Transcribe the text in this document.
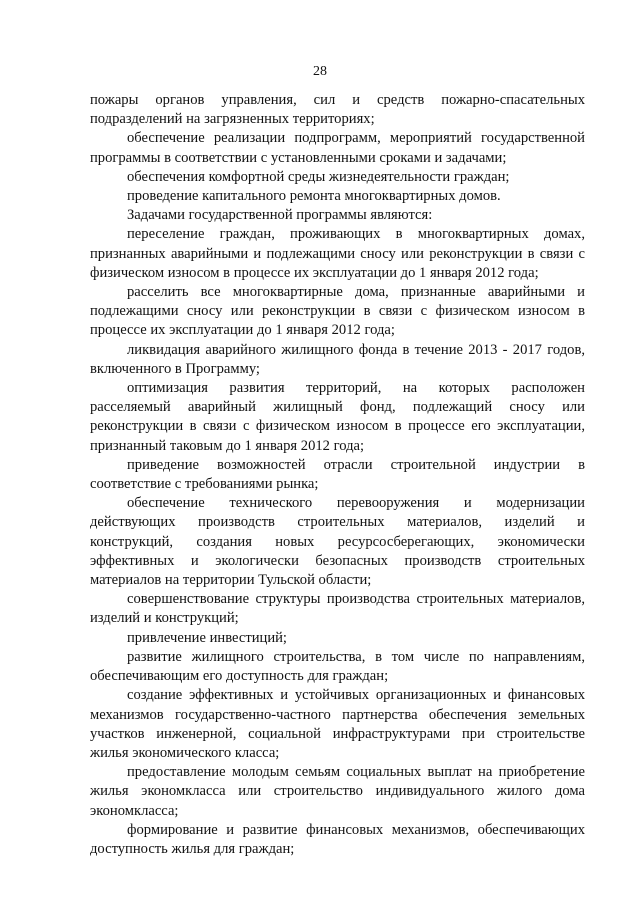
28
пожары органов управления, сил и средств пожарно-спасательных
подразделений на загрязненных территориях;
обеспечение реализации подпрограмм, мероприятий государственной
программы в соответствии с установленными сроками и задачами;
обеспечения комфортной среды жизнедеятельности граждан;
проведение капитального ремонта многоквартирных домов.
Задачами государственной программы являются:
переселение граждан, проживающих в многоквартирных домах,
признанных аварийными и подлежащими сносу или реконструкции в связи с
физическом износом в процессе их эксплуатации до 1 января 2012 года;
расселить все многоквартирные дома, признанные аварийными и
подлежащими сносу или реконструкции в связи с физическом износом в
процессе их эксплуатации до 1 января 2012 года;
ликвидация аварийного жилищного фонда в течение 2013 - 2017 годов,
включенного в Программу;
оптимизация развития территорий, на которых расположен
расселяемый аварийный жилищный фонд, подлежащий сносу или
реконструкции в связи с физическом износом в процессе его эксплуатации,
признанный таковым до 1 января 2012 года;
приведение возможностей отрасли строительной индустрии в
соответствие с требованиями рынка;
обеспечение технического перевооружения и модернизации
действующих производств строительных материалов, изделий и
конструкций, создания новых ресурсосберегающих, экономически
эффективных и экологически безопасных производств строительных
материалов на территории Тульской области;
совершенствование структуры производства строительных материалов,
изделий и конструкций;
привлечение инвестиций;
развитие жилищного строительства, в том числе по направлениям,
обеспечивающим его доступность для граждан;
создание эффективных и устойчивых организационных и финансовых
механизмов государственно-частного партнерства обеспечения земельных
участков инженерной, социальной инфраструктурами при строительстве
жилья экономического класса;
предоставление молодым семьям социальных выплат на приобретение
жилья экономкласса или строительство индивидуального жилого дома
экономкласса;
формирование и развитие финансовых механизмов, обеспечивающих
доступность жилья для граждан;
